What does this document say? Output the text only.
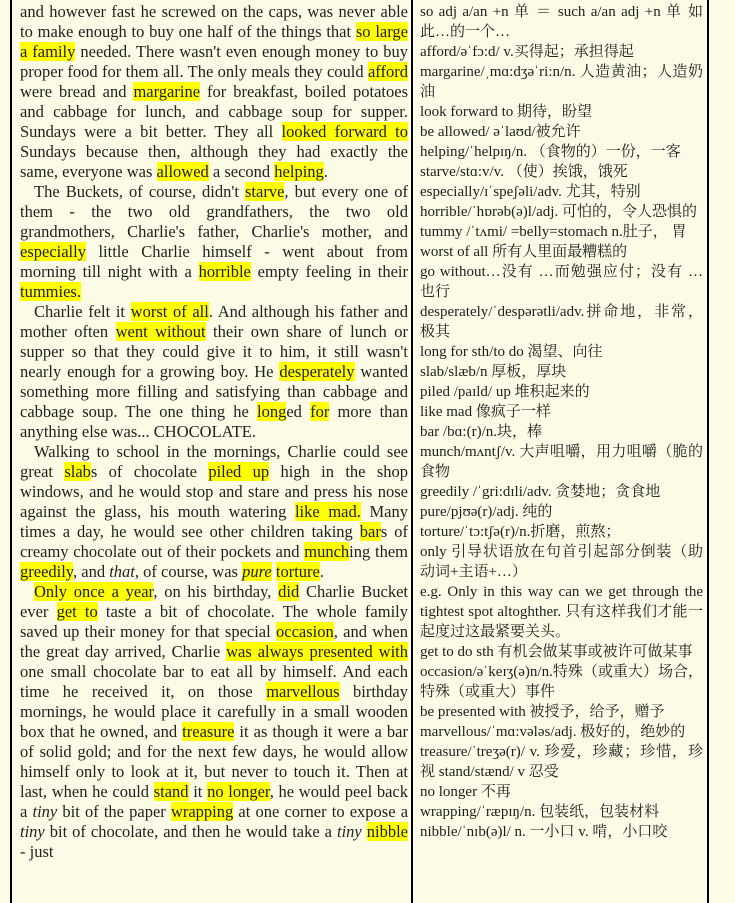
and however fast he screwed on the caps, was never able to make enough to buy one half of the things that so large a family needed. There wasn't even enough money to buy proper food for them all. The only meals they could afford were bread and margarine for breakfast, boiled potatoes and cabbage for lunch, and cabbage soup for supper. Sundays were a bit better. They all looked forward to Sundays because then, although they had exactly the same, everyone was allowed a second helping.

The Buckets, of course, didn't starve, but every one of them - the two old grandfathers, the two old grandmothers, Charlie's father, Charlie's mother, and especially little Charlie himself - went about from morning till night with a horrible empty feeling in their tummies.

Charlie felt it worst of all. And although his father and mother often went without their own share of lunch or supper so that they could give it to him, it still wasn't nearly enough for a growing boy. He desperately wanted something more filling and satisfying than cabbage and cabbage soup. The one thing he longed for more than anything else was... CHOCOLATE.

Walking to school in the mornings, Charlie could see great slabs of chocolate piled up high in the shop windows, and he would stop and stare and press his nose against the glass, his mouth watering like mad. Many times a day, he would see other children taking bars of creamy chocolate out of their pockets and munching them greedily, and that, of course, was pure torture.

Only once a year, on his birthday, did Charlie Bucket ever get to taste a bit of chocolate. The whole family saved up their money for that special occasion, and when the great day arrived, Charlie was always presented with one small chocolate bar to eat all by himself. And each time he received it, on those marvellous birthday mornings, he would place it carefully in a small wooden box that he owned, and treasure it as though it were a bar of solid gold; and for the next few days, he would allow himself only to look at it, but never to touch it. Then at last, when he could stand it no longer, he would peel back a tiny bit of the paper wrapping at one corner to expose a tiny bit of chocolate, and then he would take a tiny nibble - just

so adj a/an +n 单 ＝ such a/an adj +n 单 如此…的一个…
afford/əˈfɔ:d/ v.买得起；承担得起
margarine/ˌmɑ:dʒəˈri:n/n. 人造黄油；人造奶油
look forward to 期待，盼望
be allowed/ əˈlaʊd/被允许
helping/ˈhelpɪŋ/n. （食物的）一份，一客
starve/stɑ:v/v. （使）挨饿，饿死
especially/ɪˈspeʃəli/adv. 尤其，特别
horrible/ˈhɒrəb(ə)l/adj. 可怕的，令人恐惧的
tummy /ˈtʌmi/ =belly=stomach n.肚子， 胃
worst of all 所有人里面最糟糕的
go without…没有 …而勉强应付；没有 … 也行
desperately/ˈdespərətli/adv.拼命地，非常，极其
long for sth/to do 渴望、向往
slab/slæb/n 厚板，厚块
piled /paɪld/ up 堆积起来的
like mad 像疯子一样
bar /bɑ:(r)/n.块，棒
munch/mʌntʃ/v. 大声咀嚼，用力咀嚼（脆的食物
greedily /ˈgri:dɪli/adv. 贪婪地；贪食地
pure/pjʊə(r)/adj. 纯的
torture/ˈtɔ:tʃə(r)/n.折磨，煎熬；
only 引导状语放在句首引起部分倒装（助动词+主语+…）
e.g. Only in this way can we get through the tightest spot altoghther. 只有这样我们才能一起度过这最紧要关头。
get to do sth 有机会做某事或被许可做某事
occasion/əˈkeɪʒ(ə)n/n.特殊（或重大）场合，特殊（或重大）事件
be presented with 被授予，给予，赠予
marvellous/ˈmɑ:vələs/adj. 极好的，绝妙的
treasure/ˈtreʒə(r)/ v. 珍爱，珍藏；珍惜，珍视 stand/stænd/ v 忍受
no longer 不再
wrapping/ˈræpɪŋ/n. 包装纸，包装材料
nibble/ˈnɪb(ə)l/ n. 一小口 v. 啃，小口咬
